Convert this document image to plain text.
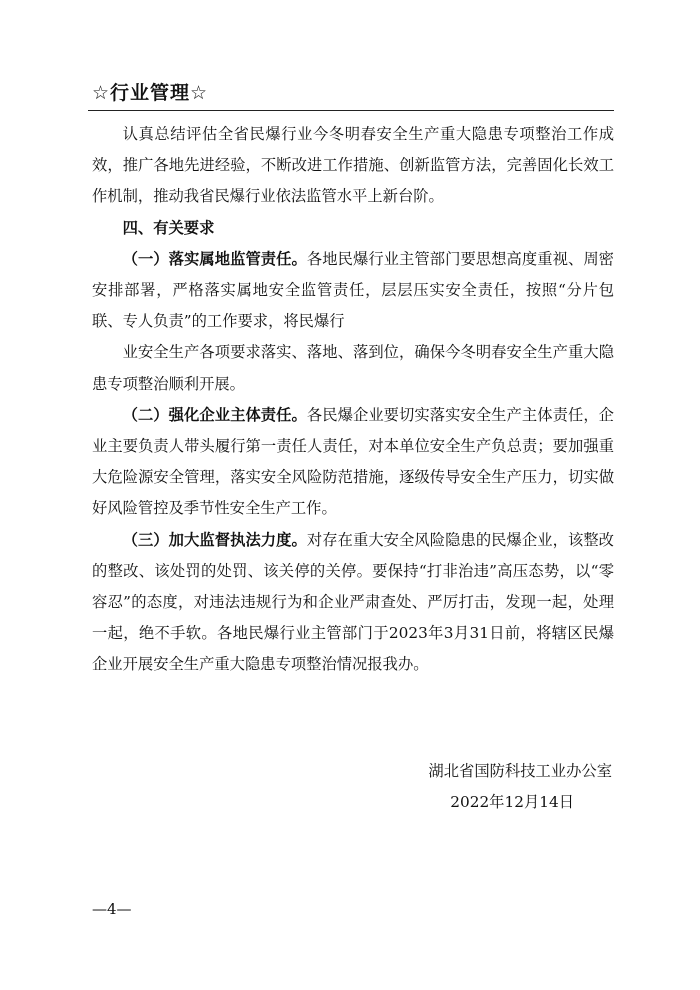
☆行业管理☆

认真总结评估全省民爆行业今冬明春安全生产重大隐患专项整治工作成效，推广各地先进经验，不断改进工作措施、创新监管方法，完善固化长效工作机制，推动我省民爆行业依法监管水平上新台阶。

四、有关要求

（一）落实属地监管责任。各地民爆行业主管部门要思想高度重视、周密安排部署，严格落实属地安全监管责任，层层压实安全责任，按照“分片包联、专人负责”的工作要求，将民爆行

业安全生产各项要求落实、落地、落到位，确保今冬明春安全生产重大隐患专项整治顺利开展。

（二）强化企业主体责任。各民爆企业要切实落实安全生产主体责任，企业主要负责人带头履行第一责任人责任，对本单位安全生产负总责；要加强重大危险源安全管理，落实安全风险防范措施，逐级传导安全生产压力，切实做好风险管控及季节性安全生产工作。

（三）加大监督执法力度。对存在重大安全风险隐患的民爆企业，该整改的整改、该处罚的处罚、该关停的关停。要保持“打非治违”高压态势，以“零容忍”的态度，对违法违规行为和企业严肃查处、严厉打击，发现一起，处理一起，绝不手软。各地民爆行业主管部门于2023年3月31日前，将辖区民爆企业开展安全生产重大隐患专项整治情况报我办。

湖北省国防科技工业办公室
2022年12月14日
—4—
